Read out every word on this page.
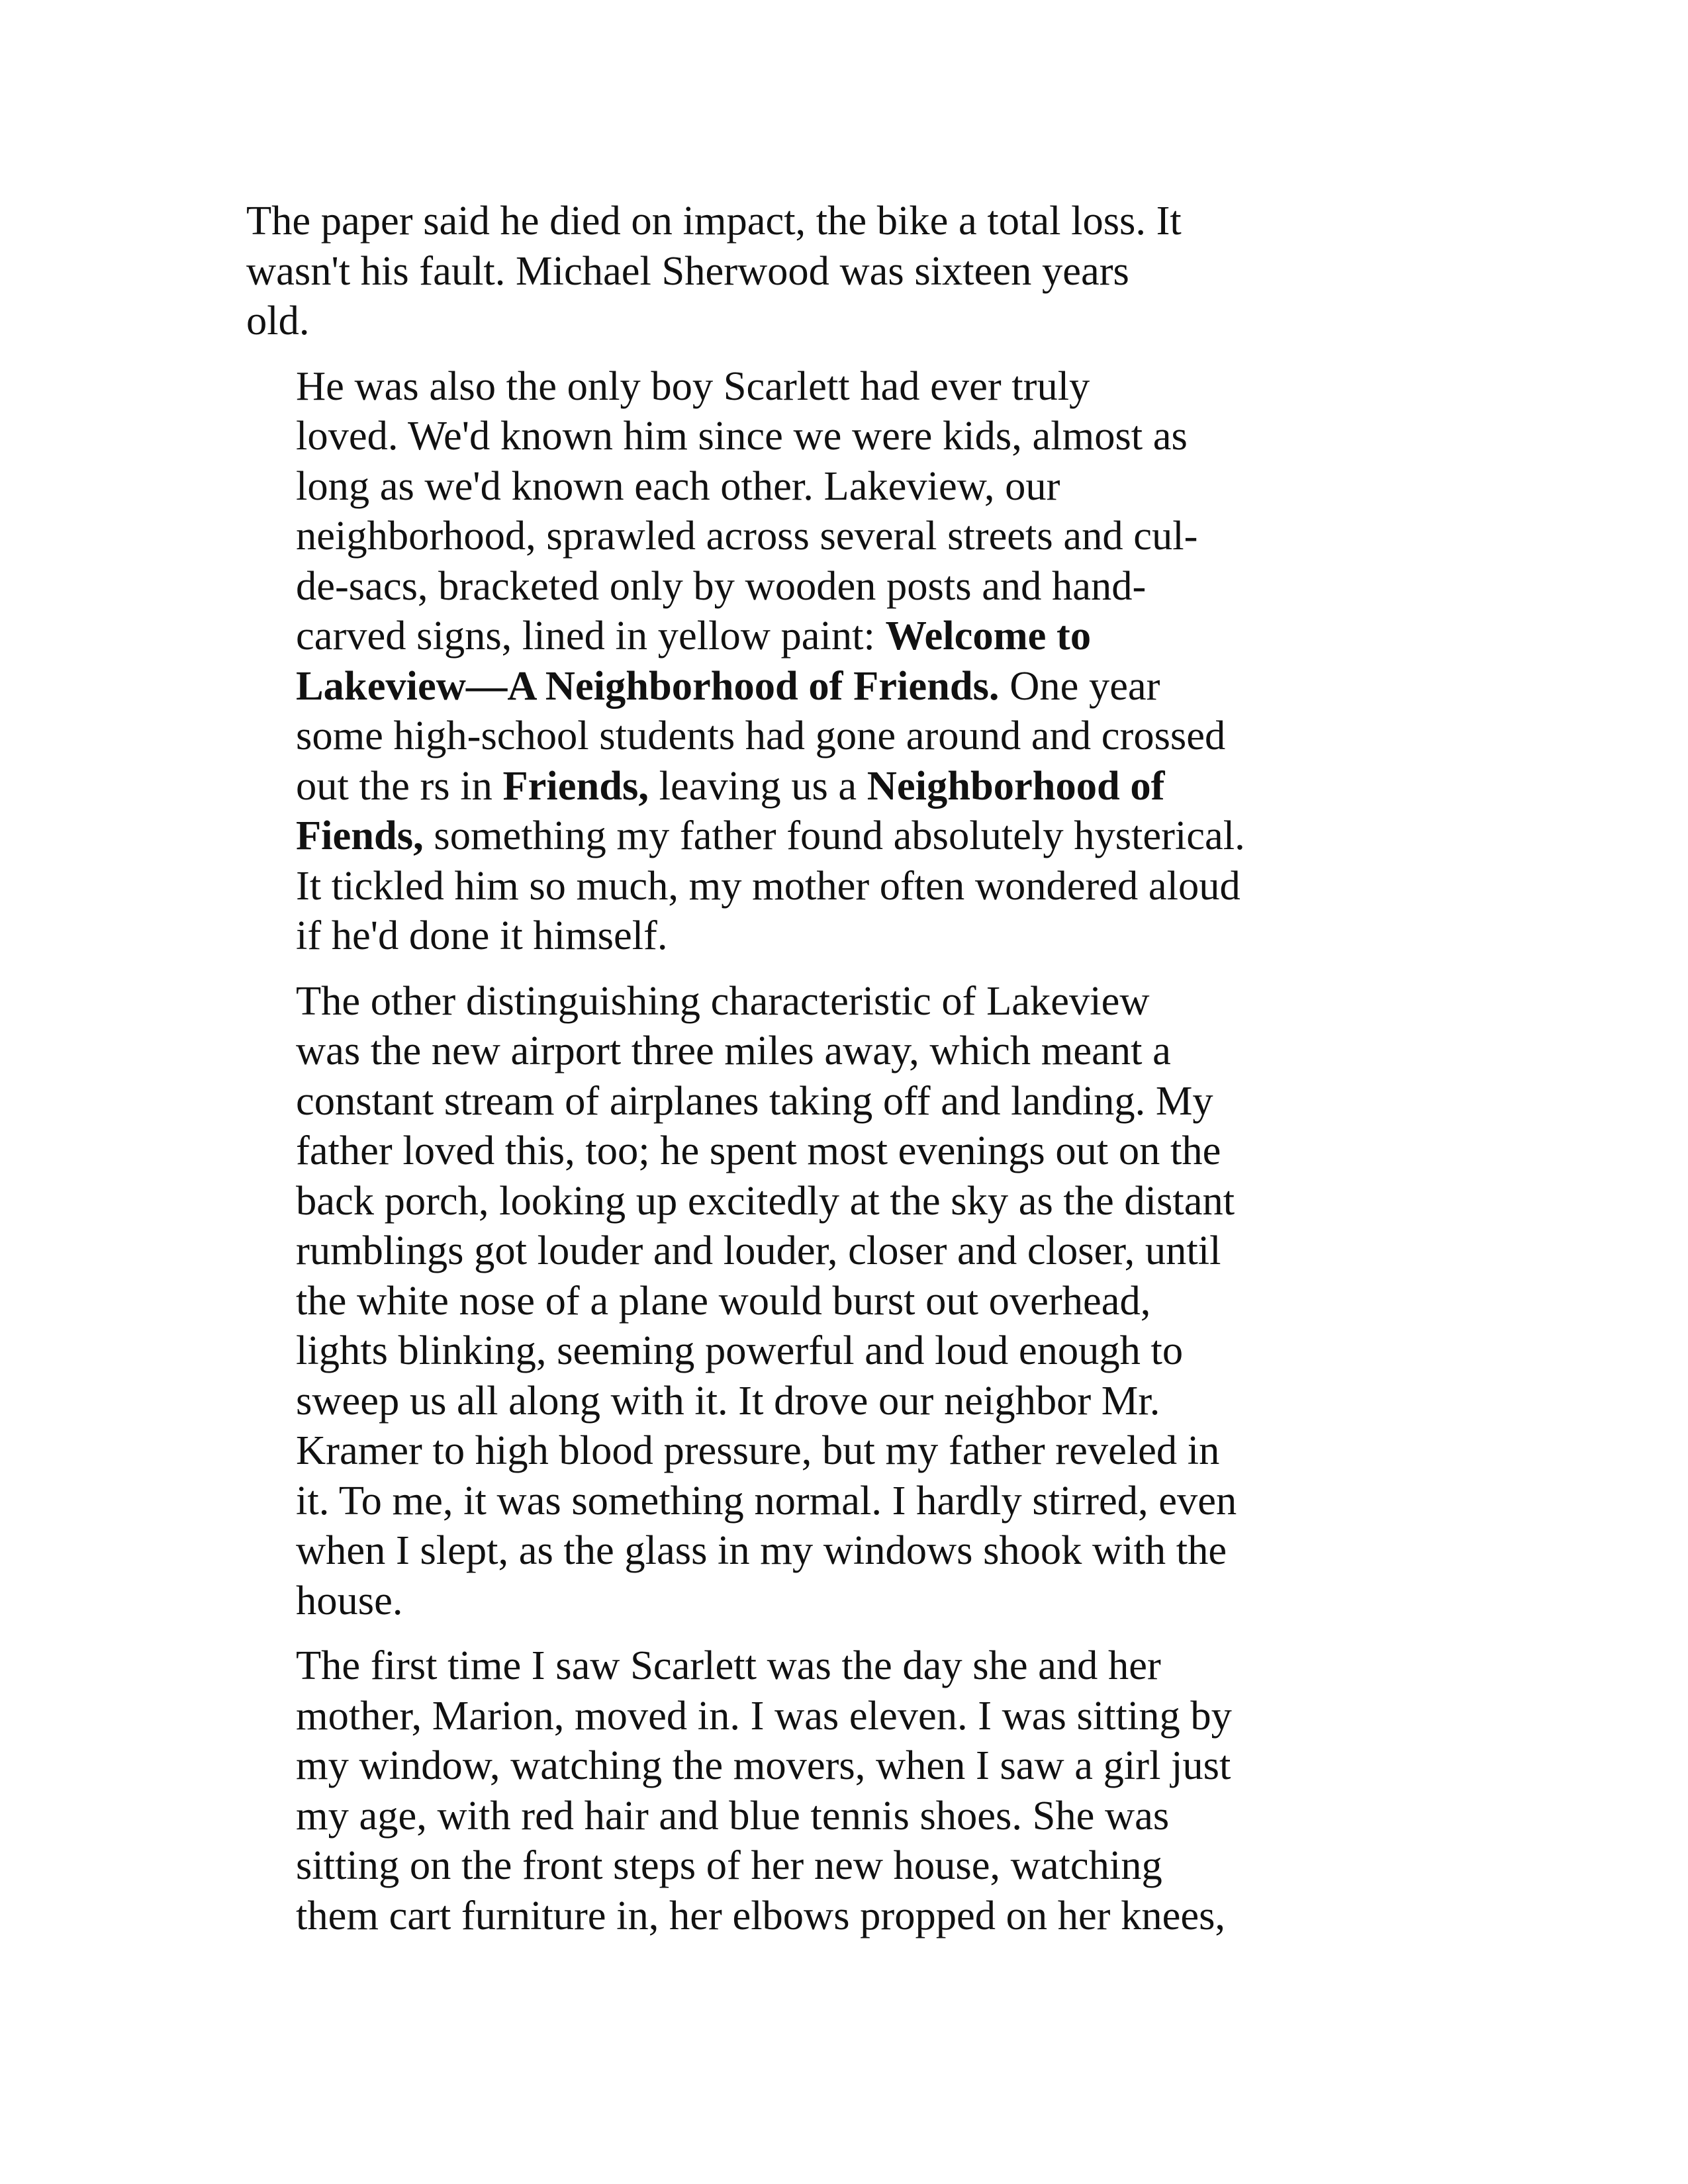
The paper said he died on impact, the bike a total loss. It
wasn't his fault. Michael Sherwood was sixteen years
old.
He was also the only boy Scarlett had ever truly
loved. We'd known him since we were kids, almost as
long as we'd known each other. Lakeview, our
neighborhood, sprawled across several streets and cul-
de-sacs, bracketed only by wooden posts and hand-
carved signs, lined in yellow paint: Welcome to
Lakeview—A Neighborhood of Friends. One year
some high-school students had gone around and crossed
out the rs in Friends, leaving us a Neighborhood of
Fiends, something my father found absolutely hysterical.
It tickled him so much, my mother often wondered aloud
if he'd done it himself.
The other distinguishing characteristic of Lakeview
was the new airport three miles away, which meant a
constant stream of airplanes taking off and landing. My
father loved this, too; he spent most evenings out on the
back porch, looking up excitedly at the sky as the distant
rumblings got louder and louder, closer and closer, until
the white nose of a plane would burst out overhead,
lights blinking, seeming powerful and loud enough to
sweep us all along with it. It drove our neighbor Mr.
Kramer to high blood pressure, but my father reveled in
it. To me, it was something normal. I hardly stirred, even
when I slept, as the glass in my windows shook with the
house.
The first time I saw Scarlett was the day she and her
mother, Marion, moved in. I was eleven. I was sitting by
my window, watching the movers, when I saw a girl just
my age, with red hair and blue tennis shoes. She was
sitting on the front steps of her new house, watching
them cart furniture in, her elbows propped on her knees,
